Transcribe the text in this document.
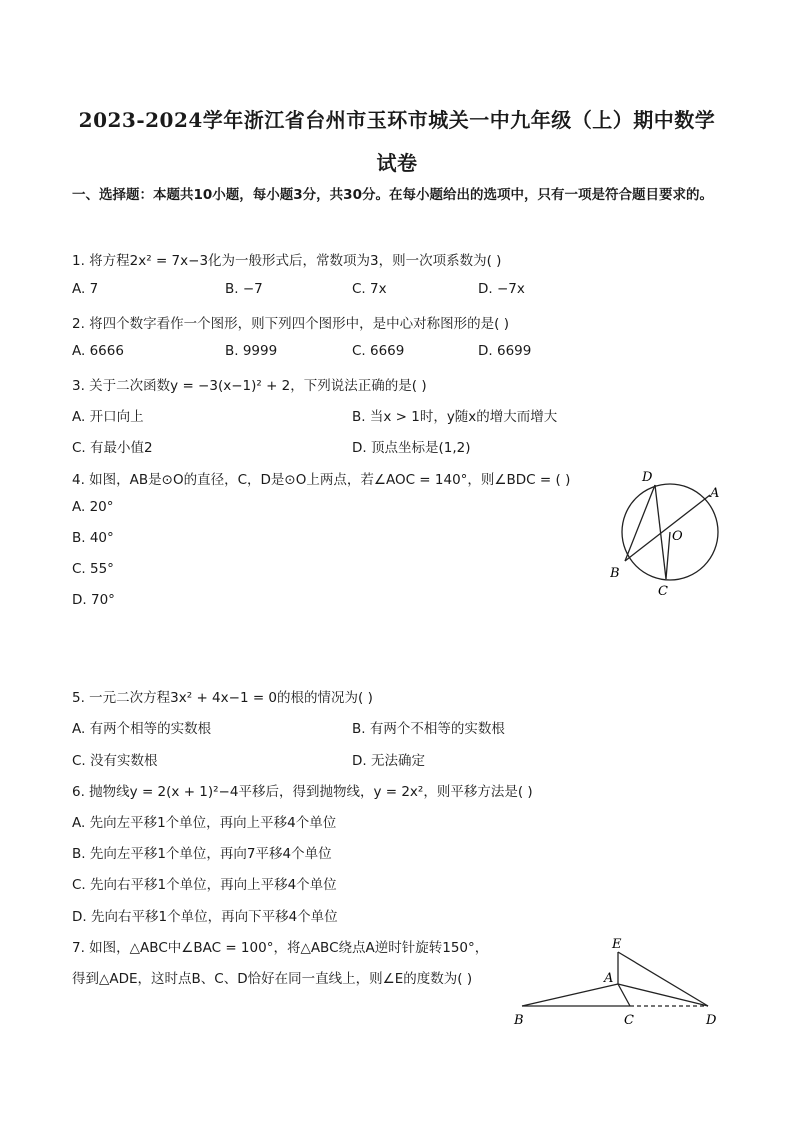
2023-2024学年浙江省台州市玉环市城关一中九年级（上）期中数学
试卷
一、选择题：本题共10小题，每小题3分，共30分。在每小题给出的选项中，只有一项是符合题目要求的。
1. 将方程2x² = 7x−3化为一般形式后，常数项为3，则一次项系数为( )
A. 7	B. −7	C. 7x	D. −7x
2. 将四个数字看作一个图形，则下列四个图形中，是中心对称图形的是( )
A. 6666	B. 9999	C. 6669	D. 6699
3. 关于二次函数y = −3(x−1)² + 2，下列说法正确的是( )
A. 开口向上	B. 当x > 1时，y随x的增大而增大
C. 有最小值2	D. 顶点坐标是(1,2)
4. 如图，AB是⊙O的直径，C，D是⊙O上两点，若∠AOC = 140°，则∠BDC = ( )
A. 20°
B. 40°
C. 55°
D. 70°
D
A
O
B
C
5. 一元二次方程3x² + 4x−1 = 0的根的情况为( )
A. 有两个相等的实数根	B. 有两个不相等的实数根
C. 没有实数根	D. 无法确定
6. 抛物线y = 2(x + 1)²−4平移后，得到抛物线，y = 2x²，则平移方法是( )
A. 先向左平移1个单位，再向上平移4个单位
B. 先向左平移1个单位，再向7平移4个单位
C. 先向右平移1个单位，再向上平移4个单位
D. 先向右平移1个单位，再向下平移4个单位
7. 如图，△ABC中∠BAC = 100°，将△ABC绕点A逆时针旋转150°，
得到△ADE，这时点B、C、D恰好在同一直线上，则∠E的度数为( )
E
A
B	C	D
